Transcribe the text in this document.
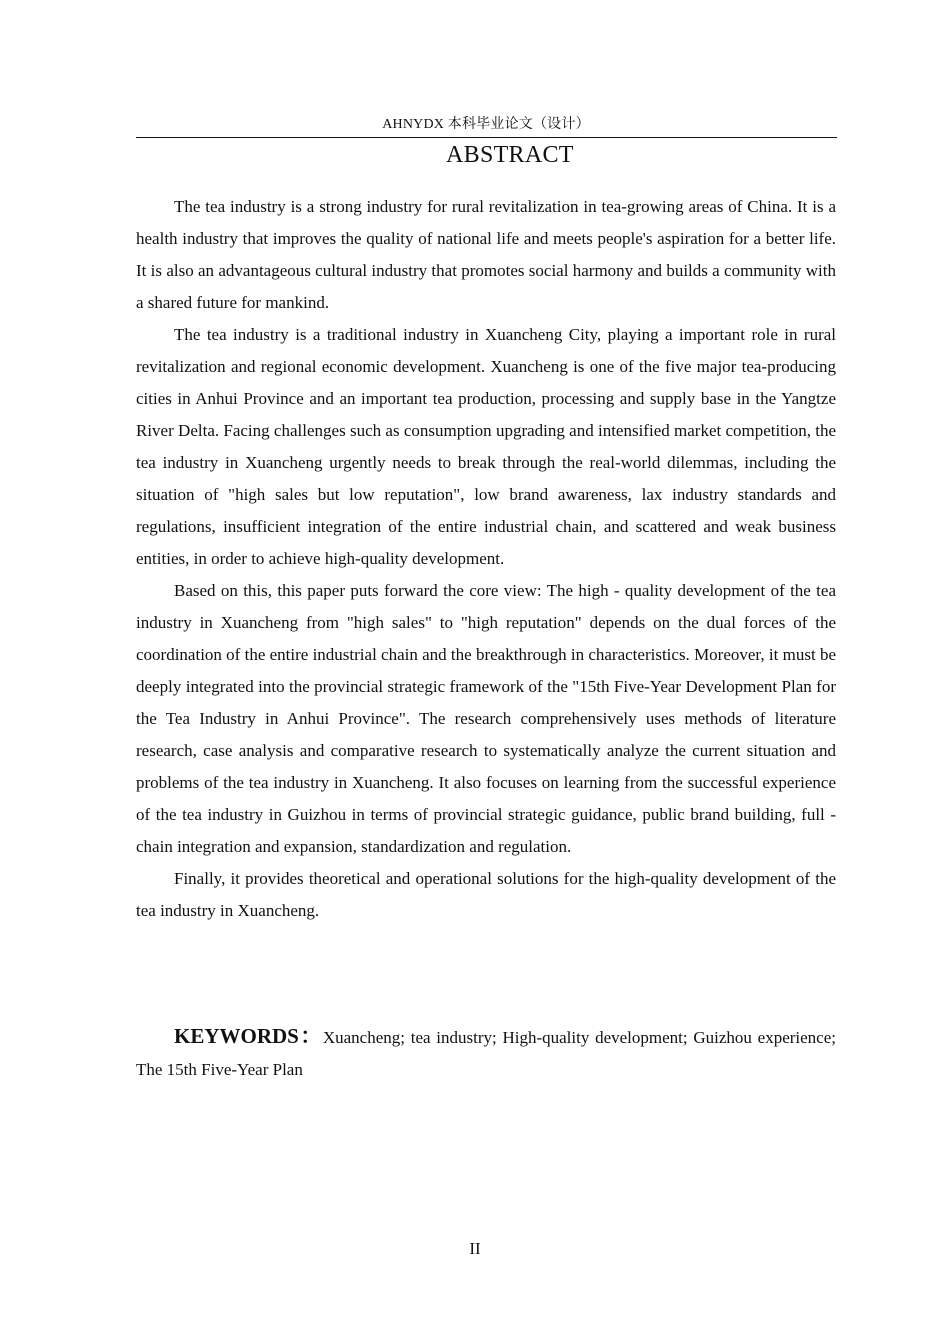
AHNYDX 本科毕业论文（设计）
ABSTRACT

The tea industry is a strong industry for rural revitalization in tea-growing areas of China. It is a health industry that improves the quality of national life and meets people's aspiration for a better life. It is also an advantageous cultural industry that promotes social harmony and builds a community with a shared future for mankind.

The tea industry is a traditional industry in Xuancheng City, playing a important role in rural revitalization and regional economic development. Xuancheng is one of the five major tea-producing cities in Anhui Province and an important tea production, processing and supply base in the Yangtze River Delta. Facing challenges such as consumption upgrading and intensified market competition, the tea industry in Xuancheng urgently needs to break through the real-world dilemmas, including the situation of "high sales but low reputation", low brand awareness, lax industry standards and regulations, insufficient integration of the entire industrial chain, and scattered and weak business entities, in order to achieve high-quality development.

Based on this, this paper puts forward the core view: The high - quality development of the tea industry in Xuancheng from "high sales" to "high reputation" depends on the dual forces of the coordination of the entire industrial chain and the breakthrough in characteristics. Moreover, it must be deeply integrated into the provincial strategic framework of the "15th Five-Year Development Plan for the Tea Industry in Anhui Province". The research comprehensively uses methods of literature research, case analysis and comparative research to systematically analyze the current situation and problems of the tea industry in Xuancheng. It also focuses on learning from the successful experience of the tea industry in Guizhou in terms of provincial strategic guidance, public brand building, full - chain integration and expansion, standardization and regulation.

Finally, it provides theoretical and operational solutions for the high-quality development of the tea industry in Xuancheng.

KEYWORDS：Xuancheng; tea industry; High-quality development; Guizhou experience; The 15th Five-Year Plan

II
